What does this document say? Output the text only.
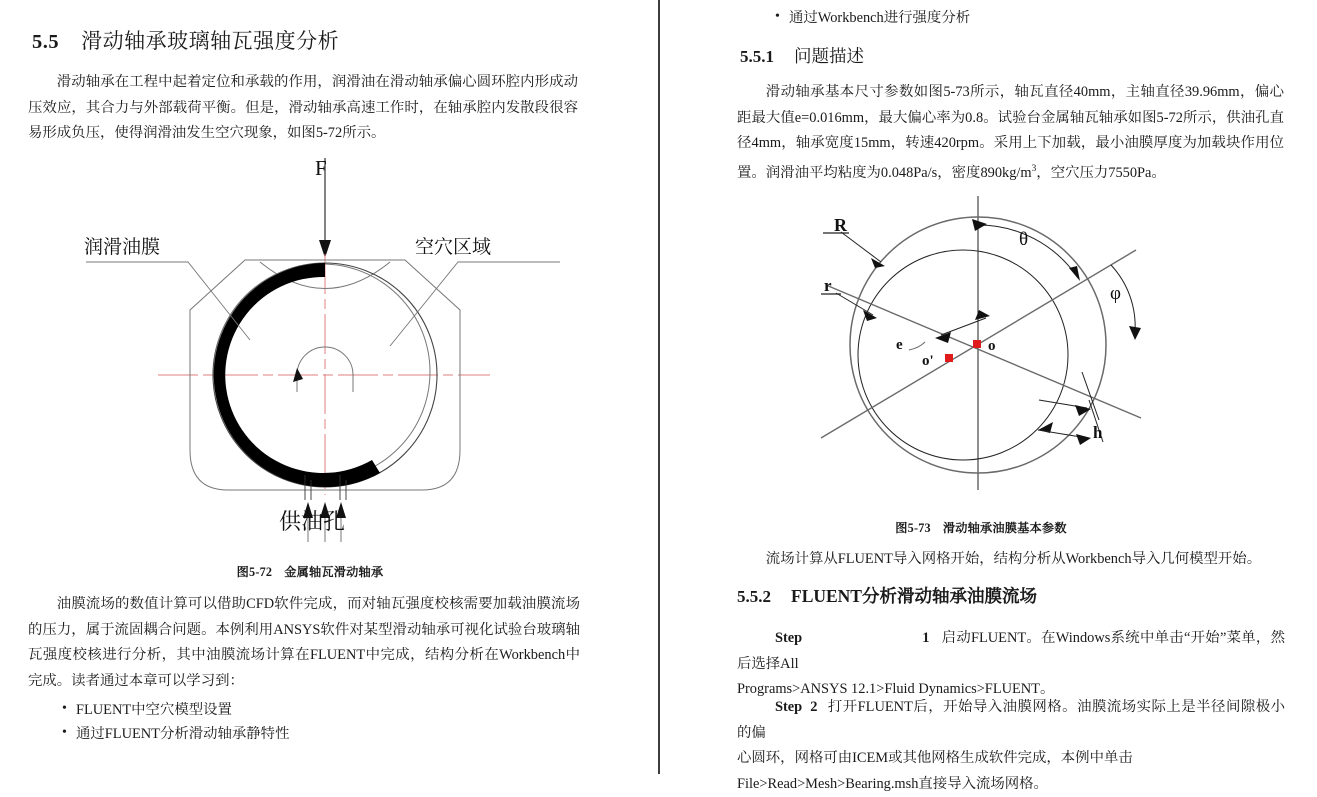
5.5 滑动轴承玻璃轴瓦强度分析

滑动轴承在工程中起着定位和承载的作用，润滑油在滑动轴承偏心圆环腔内形成动压效应，其合力与外部载荷平衡。但是，滑动轴承高速工作时，在轴承腔内发散段很容易形成负压，使得润滑油发生空穴现象，如图5-72所示。

F
润滑油膜	空穴区域
供油孔
图5-72 金属轴瓦滑动轴承

油膜流场的数值计算可以借助CFD软件完成，而对轴瓦强度校核需要加载油膜流场的压力，属于流固耦合问题。本例利用ANSYS软件对某型滑动轴承可视化试验台玻璃轴瓦强度校核进行分析，其中油膜流场计算在FLUENT中完成，结构分析在Workbench中完成。读者通过本章可以学习到：

• FLUENT中空穴模型设置
• 通过FLUENT分析滑动轴承静特性
• 通过Workbench进行强度分析
5.5.1 问题描述

滑动轴承基本尺寸参数如图5-73所示，轴瓦直径40mm，主轴直径39.96mm，偏心距最大值e=0.016mm，最大偏心率为0.8。试验台金属轴瓦轴承如图5-72所示，供油孔直径4mm，轴承宽度15mm，转速420rpm。采用上下加载，最小油膜厚度为加载块作用位置。润滑油平均粘度为0.048Pa/s，密度$890kg/m^3$，空穴压力7550Pa。

R
r
e	o
o'
θ
φ
h
图5-73 滑动轴承油膜基本参数

流场计算从FLUENT导入网格开始，结构分析从Workbench导入几何模型开始。

5.5.2 FLUENT分析滑动轴承油膜流场

Step	1 启动FLUENT。在Windows系统中单击“开始”菜单，然后选择All
Programs>ANSYS 12.1>Fluid Dynamics>FLUENT。

Step 2 打开FLUENT后，开始导入油膜网格。油膜流场实际上是半径间隙极小的偏
心圆环，网格可由ICEM或其他网格生成软件完成，本例中单击
File>Read>Mesh>Bearing.msh直接导入流场网格。
